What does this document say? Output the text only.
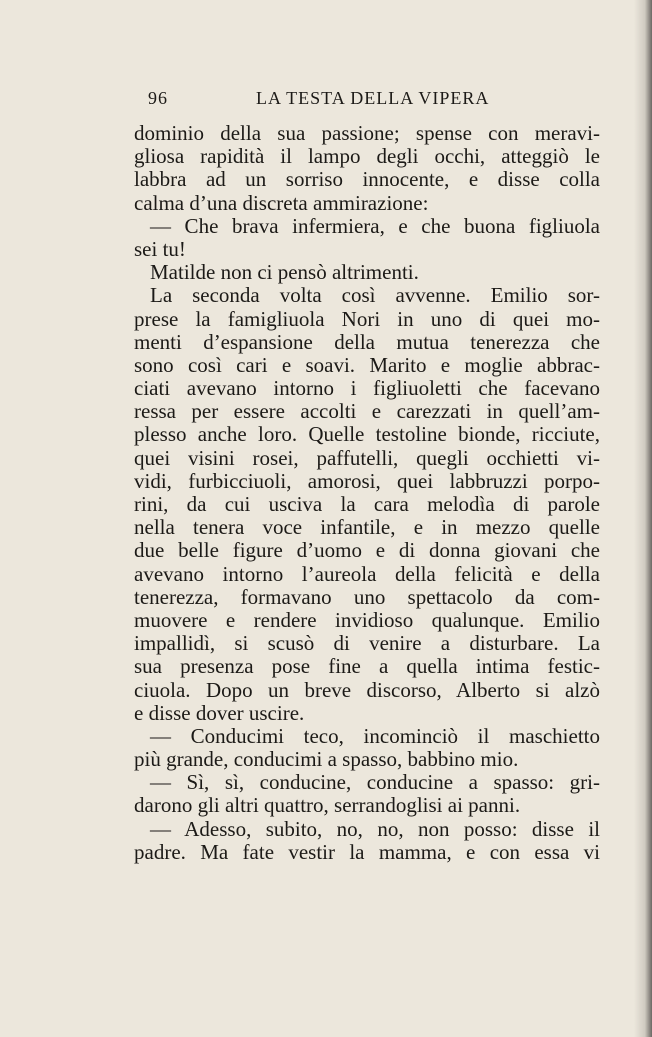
96	LA TESTA DELLA VIPERA
dominio della sua passione; spense con meravi-
gliosa rapidità il lampo degli occhi, atteggiò le
labbra ad un sorriso innocente, e disse colla
calma d’una discreta ammirazione:
— Che brava infermiera, e che buona figliuola
sei tu!
Matilde non ci pensò altrimenti.
La seconda volta così avvenne. Emilio sor-
prese la famigliuola Nori in uno di quei mo-
menti d’espansione della mutua tenerezza che
sono così cari e soavi. Marito e moglie abbrac-
ciati avevano intorno i figliuoletti che facevano
ressa per essere accolti e carezzati in quell’am-
plesso anche loro. Quelle testoline bionde, ricciute,
quei visini rosei, paffutelli, quegli occhietti vi-
vidi, furbicciuoli, amorosi, quei labbruzzi porpo-
rini, da cui usciva la cara melodìa di parole
nella tenera voce infantile, e in mezzo quelle
due belle figure d’uomo e di donna giovani che
avevano intorno l’aureola della felicità e della
tenerezza, formavano uno spettacolo da com-
muovere e rendere invidioso qualunque. Emilio
impallidì, si scusò di venire a disturbare. La
sua presenza pose fine a quella intima festic-
ciuola. Dopo un breve discorso, Alberto si alzò
e disse dover uscire.
— Conducimi teco, incominciò il maschietto
più grande, conducimi a spasso, babbino mio.
— Sì, sì, conducine, conducine a spasso: gri-
darono gli altri quattro, serrandoglisi ai panni.
— Adesso, subito, no, no, non posso: disse il
padre. Ma fate vestir la mamma, e con essa vi
